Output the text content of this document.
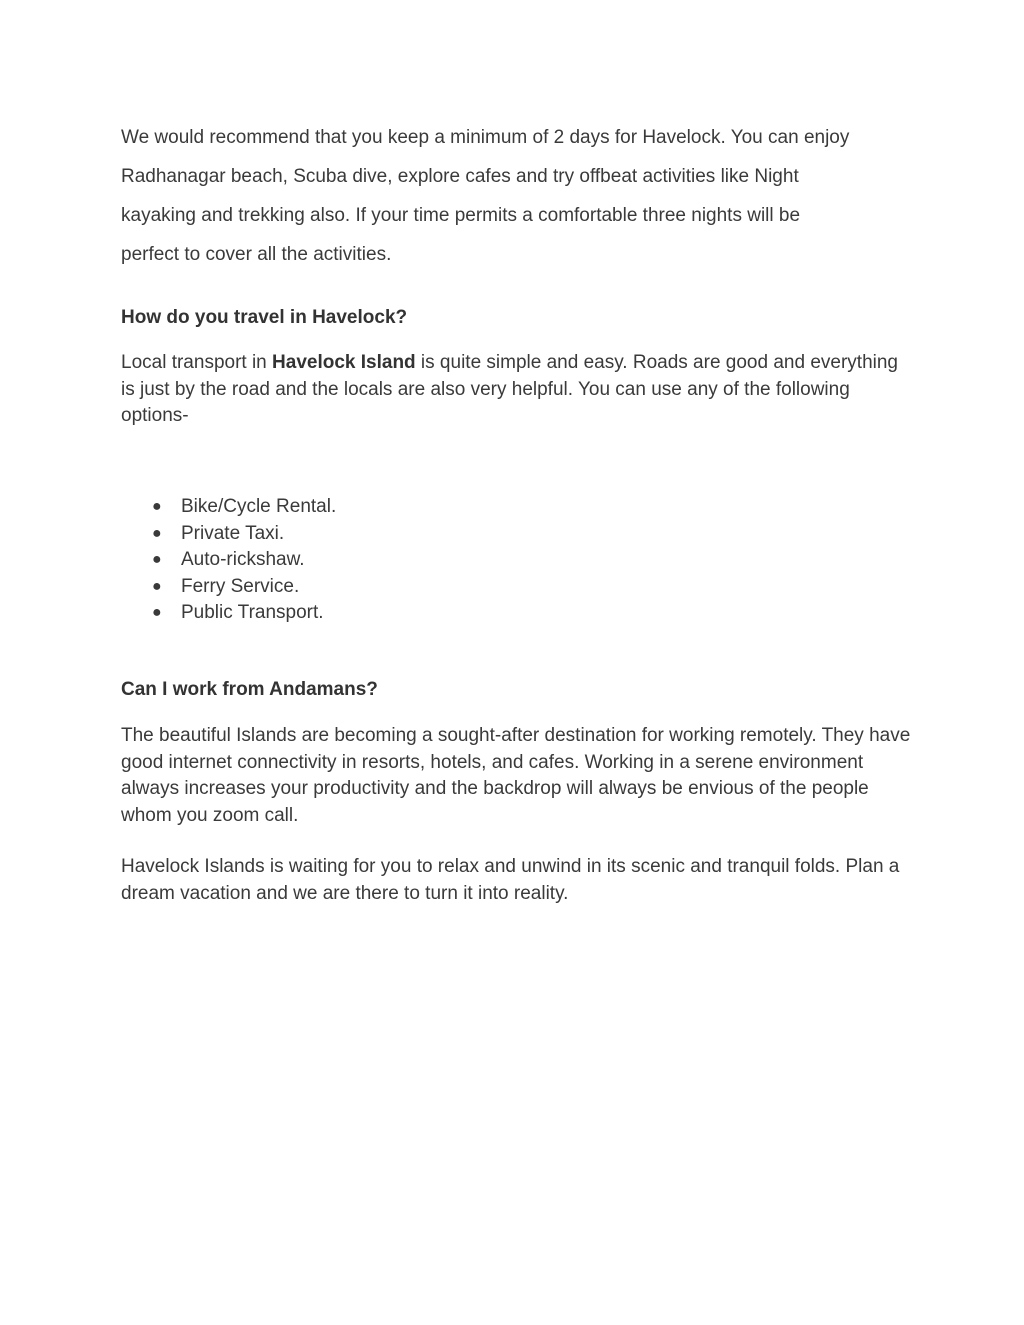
We would recommend that you keep a minimum of 2 days for Havelock. You can enjoy
Radhanagar beach, Scuba dive, explore cafes and try offbeat activities like Night
kayaking and trekking also. If your time permits a comfortable three nights will be
perfect to cover all the activities.

How do you travel in Havelock?

Local transport in Havelock Island is quite simple and easy. Roads are good and everything is just by the road and the locals are also very helpful. You can use any of the following options-

● Bike/Cycle Rental.
● Private Taxi.
● Auto-rickshaw.
● Ferry Service.
● Public Transport.
Can I work from Andamans?

The beautiful Islands are becoming a sought-after destination for working remotely. They have good internet connectivity in resorts, hotels, and cafes. Working in a serene environment always increases your productivity and the backdrop will always be envious of the people whom you zoom call.

Havelock Islands is waiting for you to relax and unwind in its scenic and tranquil folds. Plan a dream vacation and we are there to turn it into reality.
